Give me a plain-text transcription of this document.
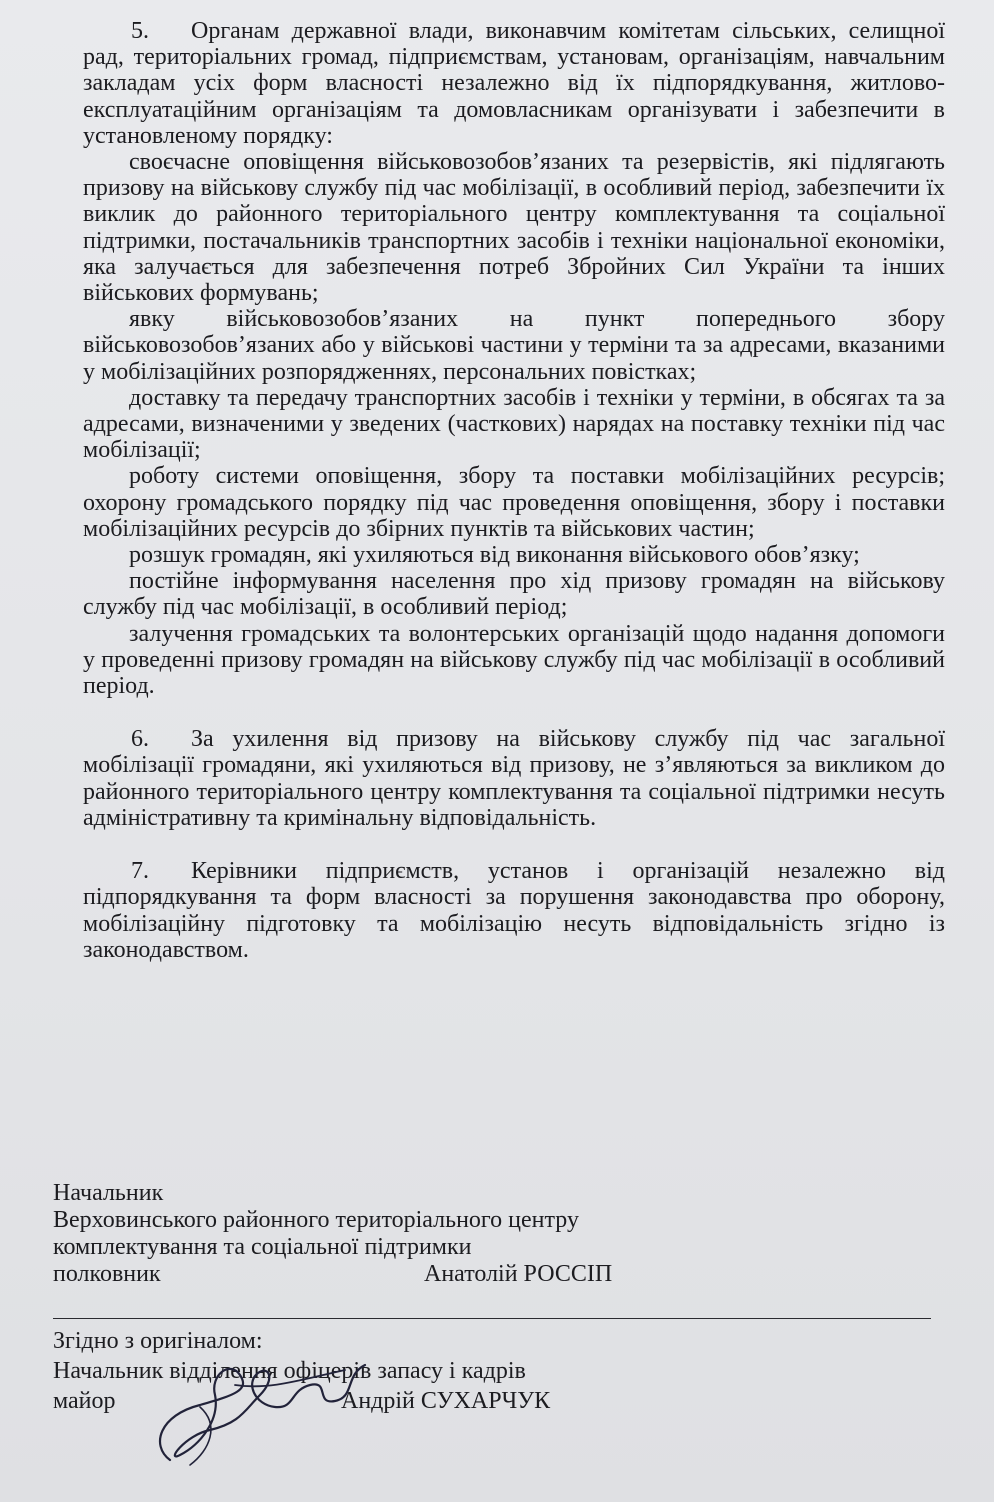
5. Органам державної влади, виконавчим комітетам сільських, селищної рад, територіальних громад, підприємствам, установам, організаціям, навчальним закладам усіх форм власності незалежно від їх підпорядкування, житлово-експлуатаційним організаціям та домовласникам організувати і забезпечити в установленому порядку:

своєчасне оповіщення військовозобов’язаних та резервістів, які підлягають призову на військову службу під час мобілізації, в особливий період, забезпечити їх виклик до районного територіального центру комплектування та соціальної підтримки, постачальників транспортних засобів і техніки національної економіки, яка залучається для забезпечення потреб Збройних Сил України та інших військових формувань;

явку військовозобов’язаних на пункт попереднього збору військовозобов’язаних або у військові частини у терміни та за адресами, вказаними у мобілізаційних розпорядженнях, персональних повістках;

доставку та передачу транспортних засобів і техніки у терміни, в обсягах та за адресами, визначеними у зведених (часткових) нарядах на поставку техніки під час мобілізації;

роботу системи оповіщення, збору та поставки мобілізаційних ресурсів; охорону громадського порядку під час проведення оповіщення, збору і поставки мобілізаційних ресурсів до збірних пунктів та військових частин;

розшук громадян, які ухиляються від виконання військового обов’язку;

постійне інформування населення про хід призову громадян на військову службу під час мобілізації, в особливий період;

залучення громадських та волонтерських організацій щодо надання допомоги у проведенні призову громадян на військову службу під час мобілізації в особливий період.

6. За ухилення від призову на військову службу під час загальної мобілізації громадяни, які ухиляються від призову, не з’являються за викликом до районного територіального центру комплектування та соціальної підтримки несуть адміністративну та кримінальну відповідальність.

7. Керівники підприємств, установ і організацій незалежно від підпорядкування та форм власності за порушення законодавства про оборону, мобілізаційну підготовку та мобілізацію несуть відповідальність згідно із законодавством.

Начальник
Верховинського районного територіального центру
комплектування та соціальної підтримки
полковник	Анатолій РОССІП
Згідно з оригіналом:
Начальник відділення офіцерів запасу і кадрів
майор	Андрій СУХАРЧУК
